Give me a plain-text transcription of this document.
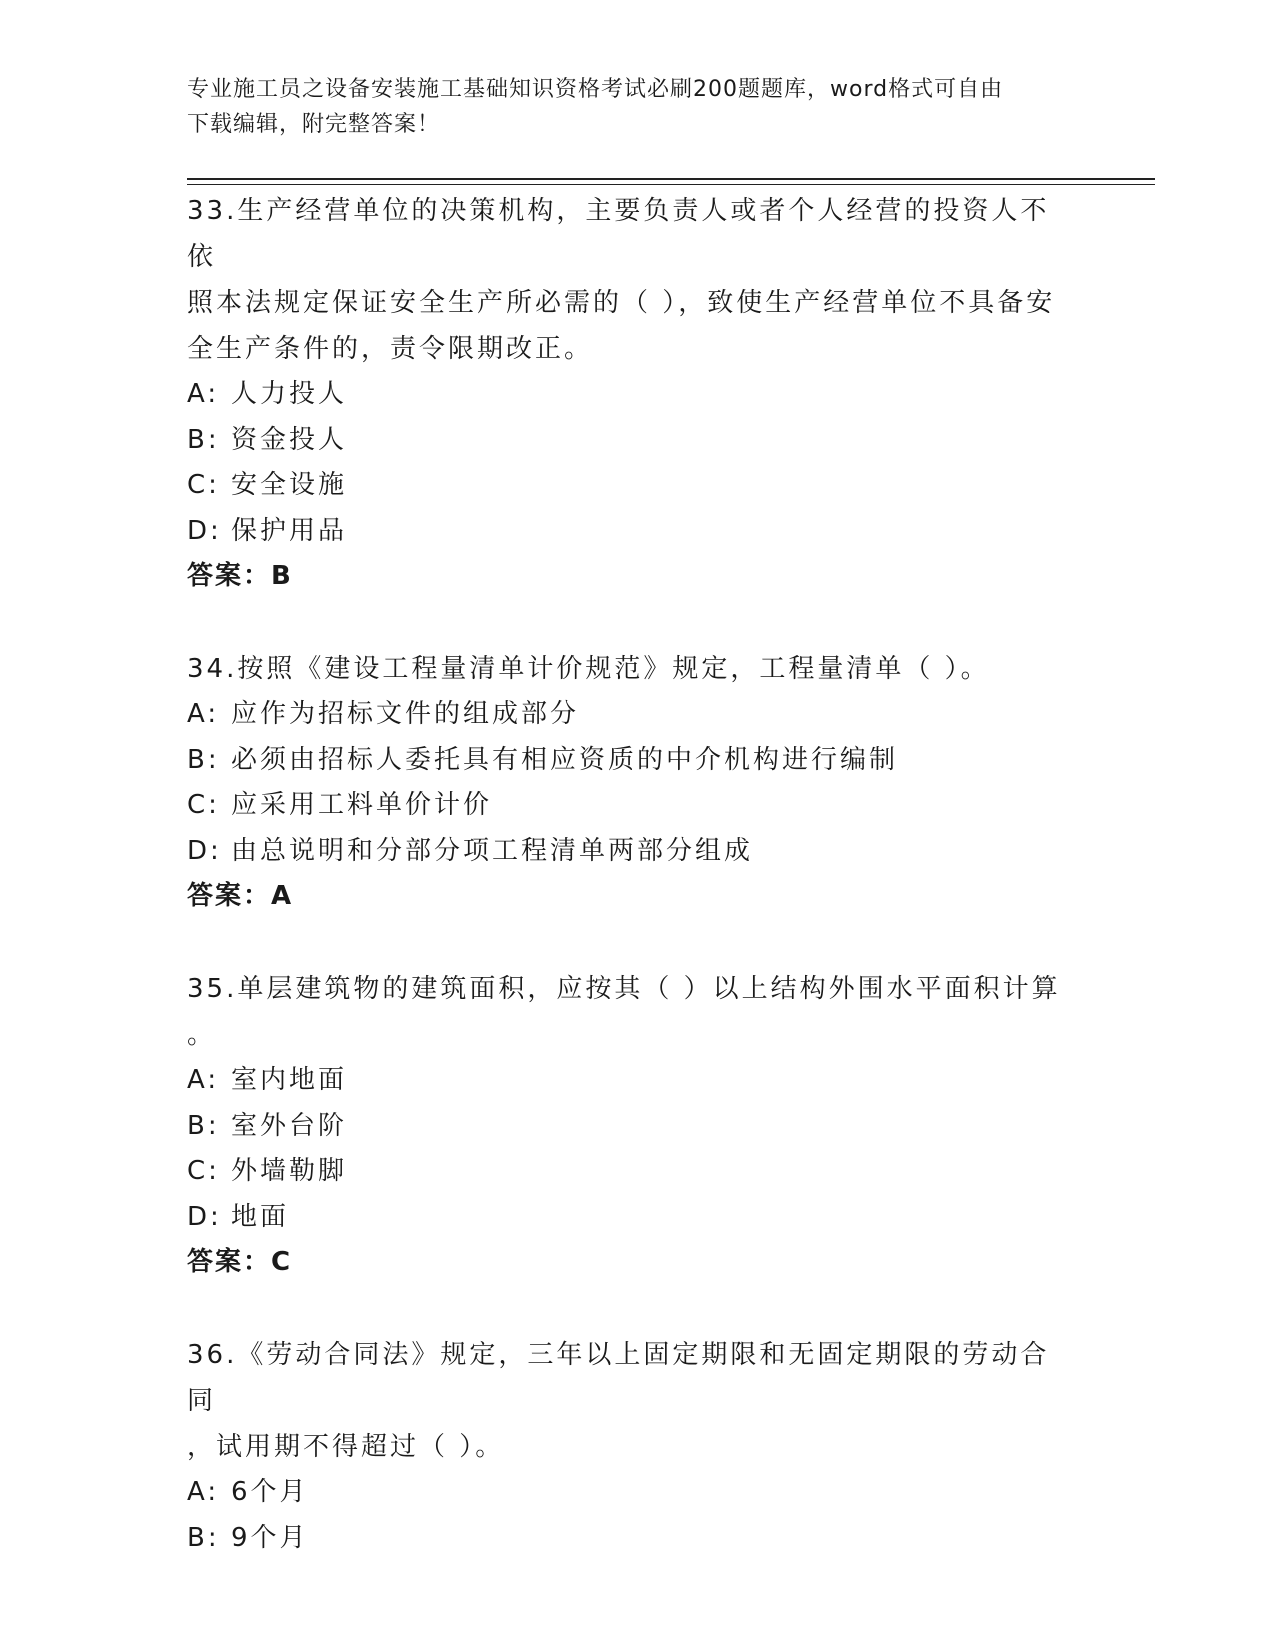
专业施工员之设备安装施工基础知识资格考试必刷200题题库，word格式可自由
下载编辑，附完整答案！

33.生产经营单位的决策机构，主要负责人或者个人经营的投资人不依

照本法规定保证安全生产所必需的（ ），致使生产经营单位不具备安

全生产条件的，责令限期改正。

A: 人力投人

B: 资金投人

C: 安全设施

D: 保护用品

答案：B

34.按照《建设工程量清单计价规范》规定，工程量清单（ ）。

A: 应作为招标文件的组成部分

B: 必须由招标人委托具有相应资质的中介机构进行编制

C: 应采用工料单价计价

D: 由总说明和分部分项工程清单两部分组成

答案：A

35.单层建筑物的建筑面积，应按其（ ）以上结构外围水平面积计算

。

A: 室内地面

B: 室外台阶

C: 外墙勒脚

D: 地面

答案：C

36.《劳动合同法》规定，三年以上固定期限和无固定期限的劳动合同

，试用期不得超过（ ）。

A: 6个月

B: 9个月
